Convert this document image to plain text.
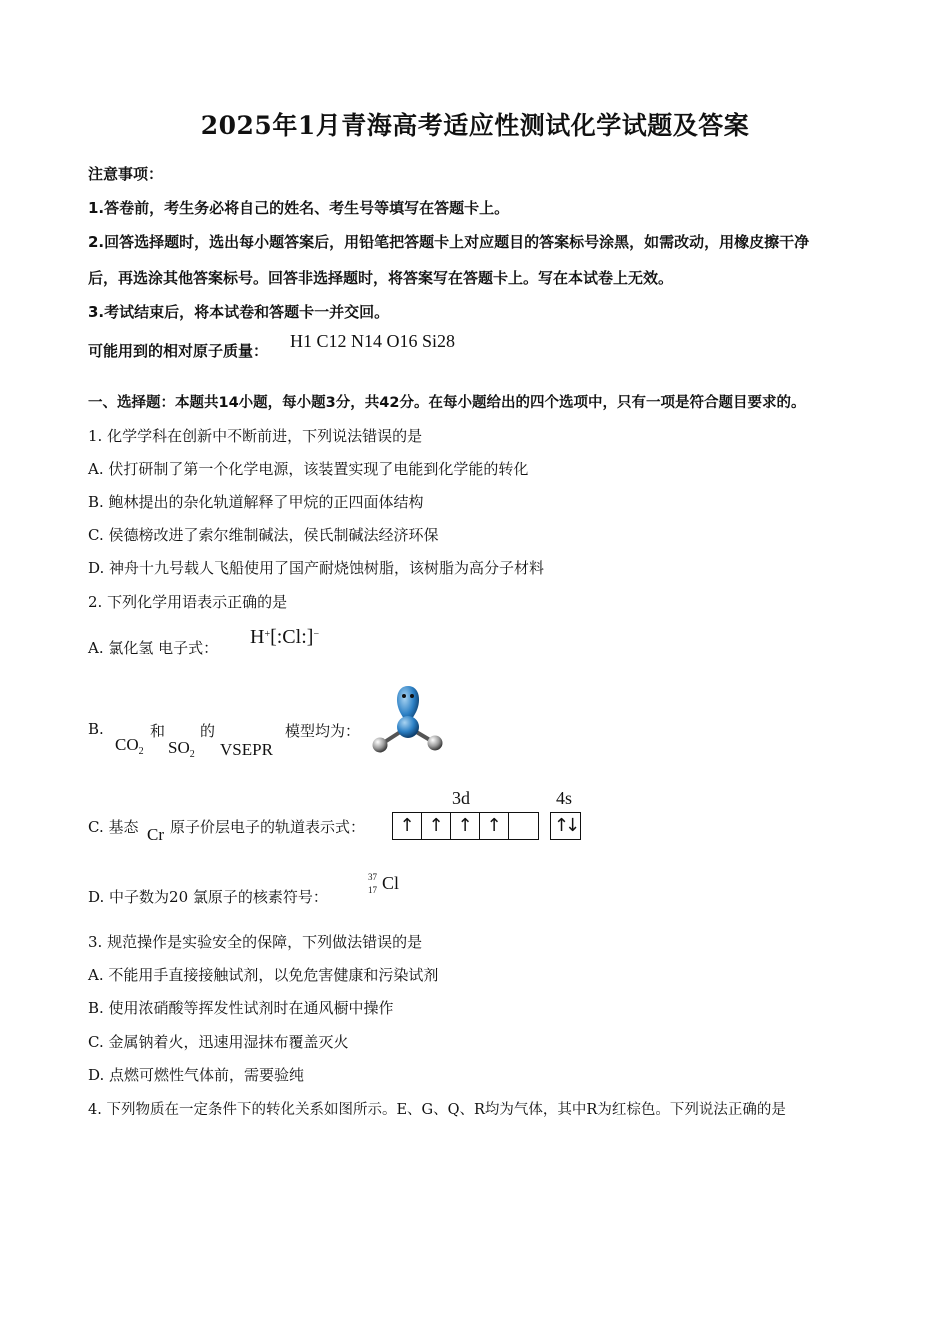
2025年1月青海高考适应性测试化学试题及答案
注意事项：
1.答卷前，考生务必将自己的姓名、考生号等填写在答题卡上。
2.回答选择题时，选出每小题答案后，用铅笔把答题卡上对应题目的答案标号涂黑，如需改动，用橡皮擦干净
后，再选涂其他答案标号。回答非选择题时，将答案写在答题卡上。写在本试卷上无效。
3.考试结束后，将本试卷和答题卡一并交回。
可能用到的相对原子质量： H1 C12 N14 O16 Si28
一、选择题：本题共14小题，每小题3分，共42分。在每小题给出的四个选项中，只有一项是符合题目要求的。
1. 化学学科在创新中不断前进，下列说法错误的是
A. 伏打研制了第一个化学电源，该装置实现了电能到化学能的转化
B. 鲍林提出的杂化轨道解释了甲烷的正四面体结构
C. 侯德榜改进了索尔维制碱法，侯氏制碱法经济环保
D. 神舟十九号载人飞船使用了国产耐烧蚀树脂，该树脂为高分子材料
2. 下列化学用语表示正确的是
A. 氯化氢 电子式： H+[:Cl:]−
B.	和 的	模型均为：
$CO_2$ $SO_2$ VSEPR
C. 基态 Cr 原子价层电子的轨道表示式：
3d	4s
↑ ↑ ↑ ↑	↑↓
D. 中子数为20 氯原子的核素符号：
37
17 Cl
3. 规范操作是实验安全的保障，下列做法错误的是
A. 不能用手直接接触试剂，以免危害健康和污染试剂
B. 使用浓硝酸等挥发性试剂时在通风橱中操作
C. 金属钠着火，迅速用湿抹布覆盖灭火
D. 点燃可燃性气体前，需要验纯
4. 下列物质在一定条件下的转化关系如图所示。E、G、Q、R均为气体，其中R为红棕色。下列说法正确的是
